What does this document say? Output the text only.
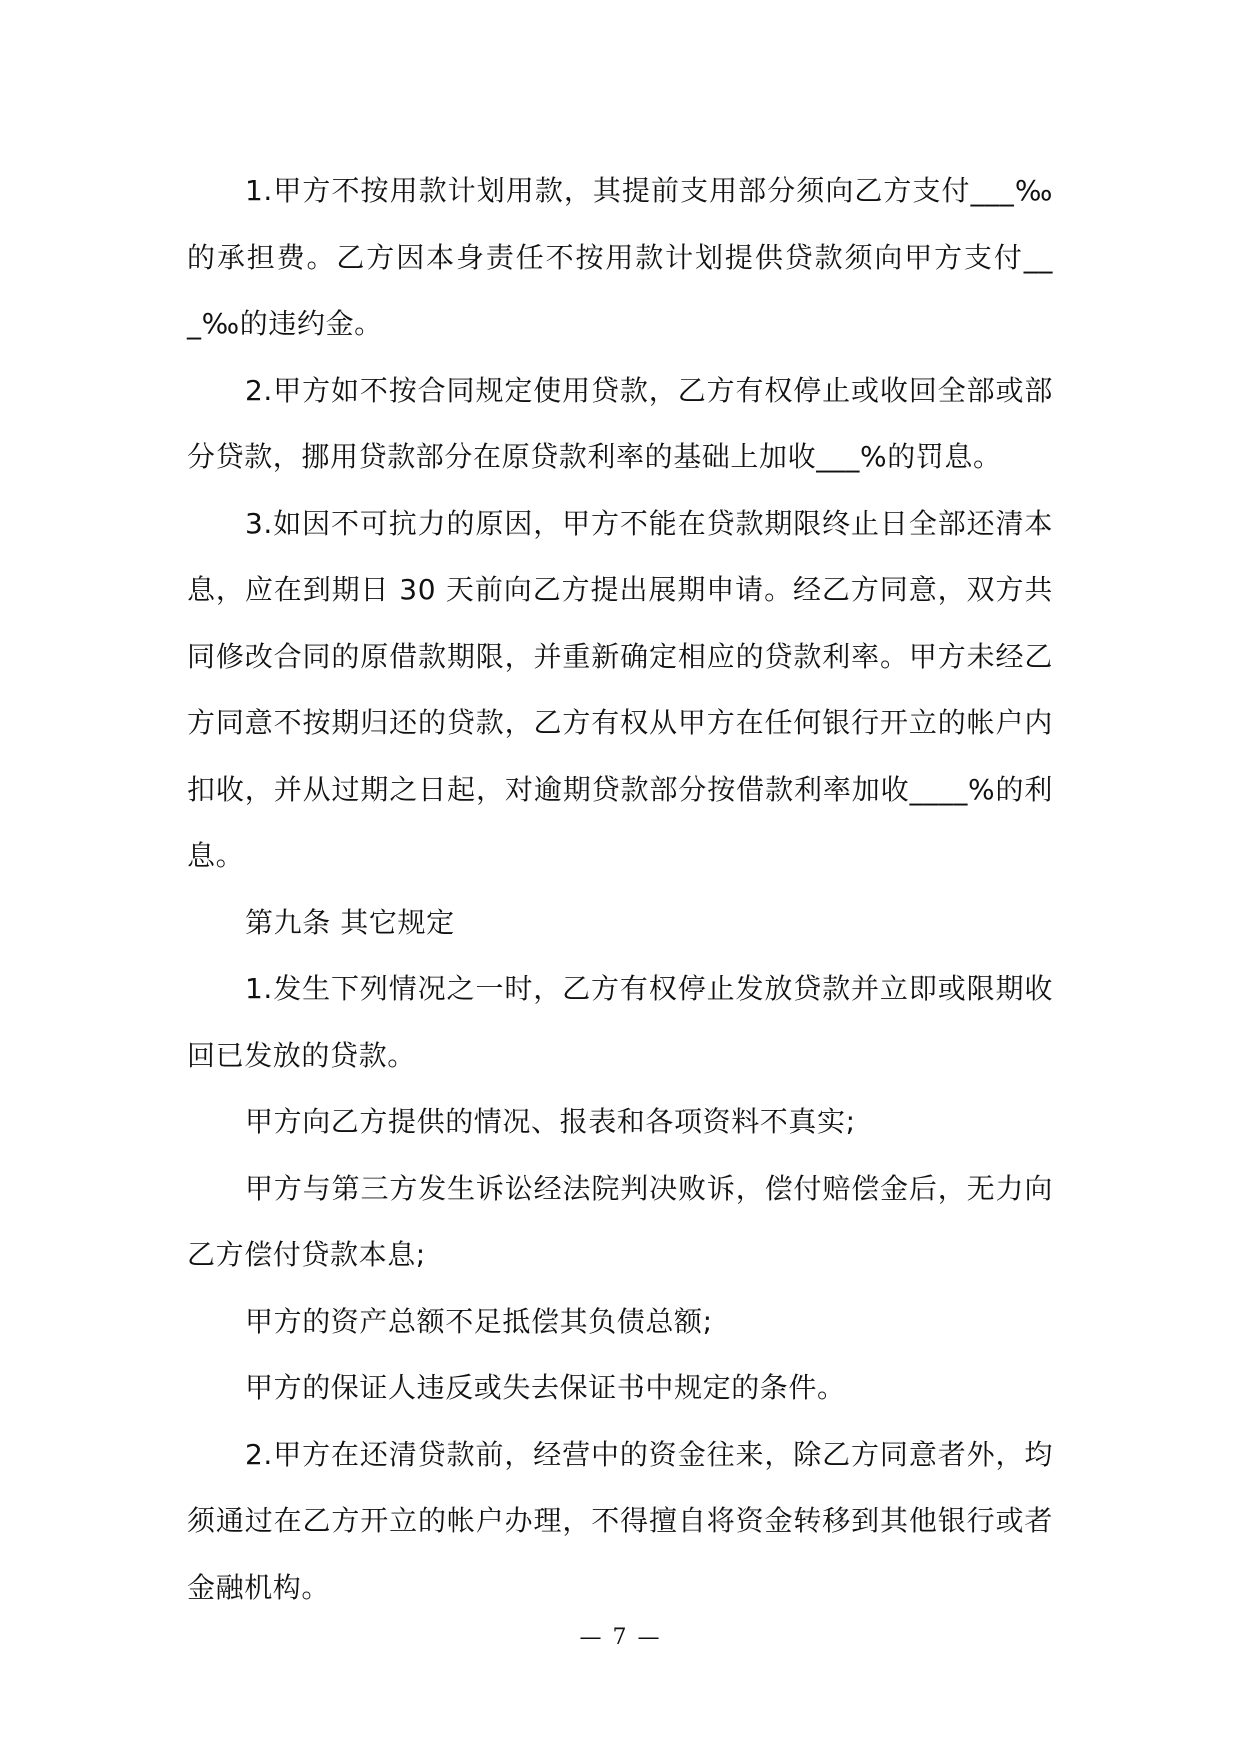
1.甲方不按用款计划用款，其提前支用部分须向乙方支付___‰的承担费。乙方因本身责任不按用款计划提供贷款须向甲方支付___‰的违约金。

2.甲方如不按合同规定使用贷款，乙方有权停止或收回全部或部分贷款，挪用贷款部分在原贷款利率的基础上加收___%的罚息。

3.如因不可抗力的原因，甲方不能在贷款期限终止日全部还清本息，应在到期日 30 天前向乙方提出展期申请。经乙方同意，双方共同修改合同的原借款期限，并重新确定相应的贷款利率。甲方未经乙方同意不按期归还的贷款，乙方有权从甲方在任何银行开立的帐户内扣收，并从过期之日起，对逾期贷款部分按借款利率加收____%的利息。

第九条 其它规定

1.发生下列情况之一时，乙方有权停止发放贷款并立即或限期收回已发放的贷款。

甲方向乙方提供的情况、报表和各项资料不真实;

甲方与第三方发生诉讼经法院判决败诉，偿付赔偿金后，无力向乙方偿付贷款本息;

甲方的资产总额不足抵偿其负债总额;

甲方的保证人违反或失去保证书中规定的条件。

2.甲方在还清贷款前，经营中的资金往来，除乙方同意者外，均须通过在乙方开立的帐户办理，不得擅自将资金转移到其他银行或者金融机构。

— 7 —
